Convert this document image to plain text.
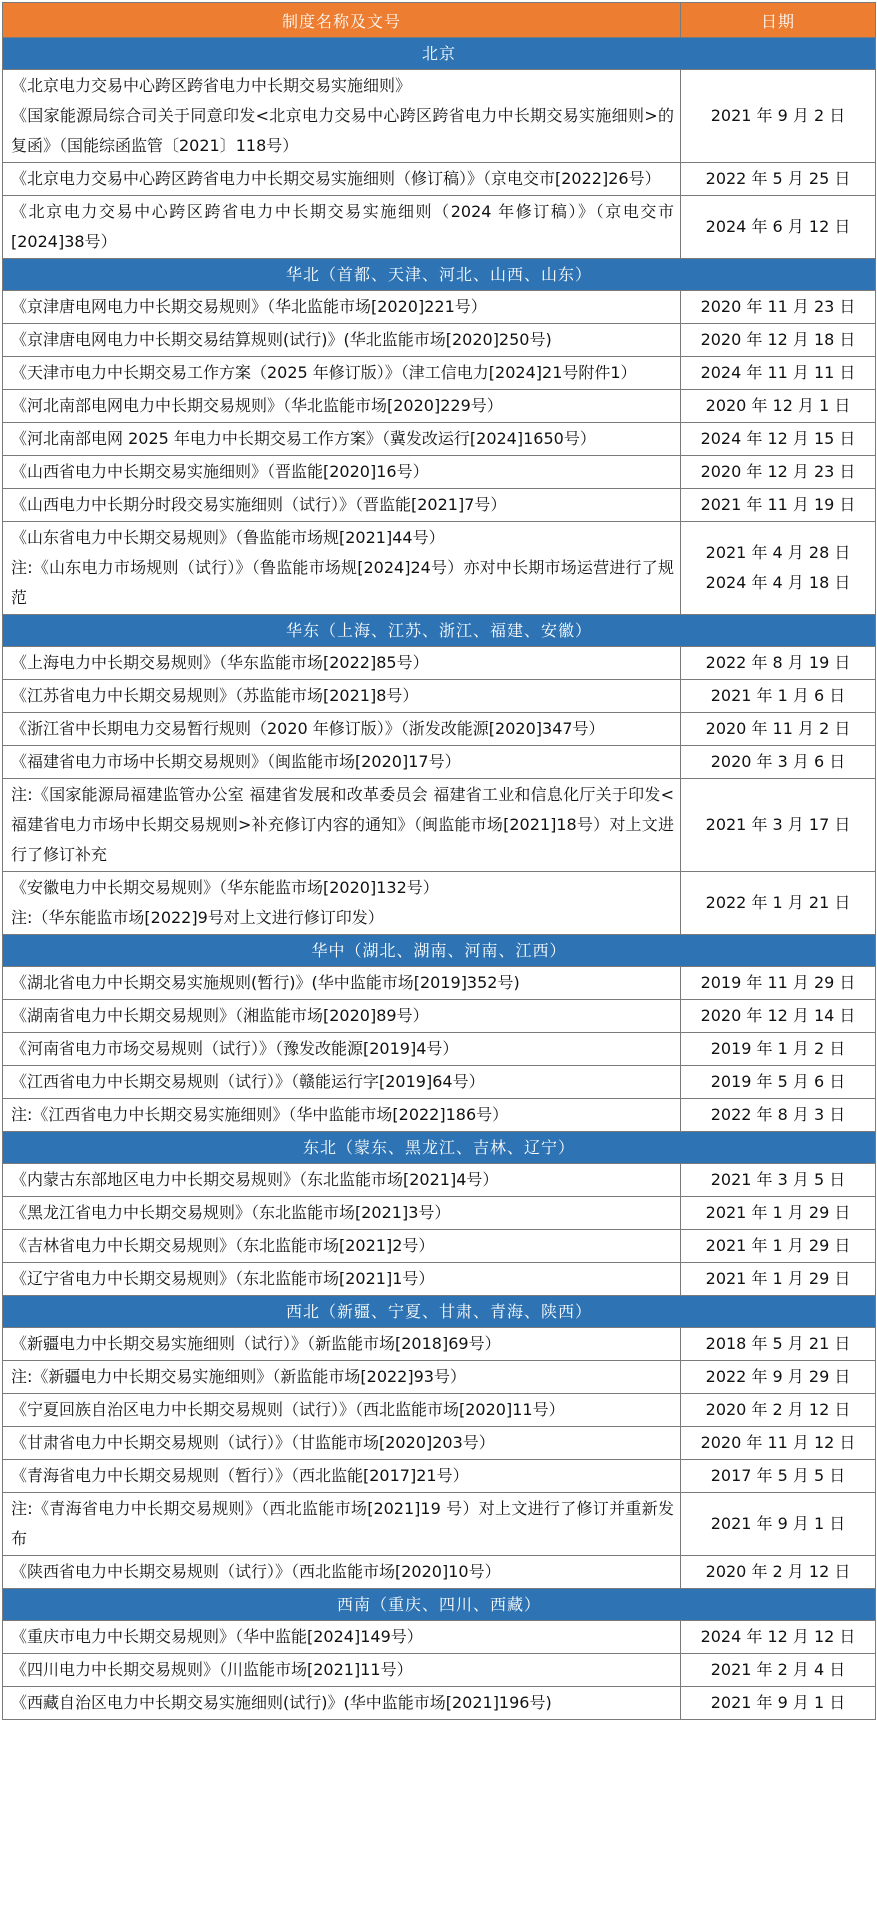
制度名称及文号	日期
北京	

《北京电力交易中心跨区跨省电力中长期交易实施细则》
《国家能源局综合司关于同意印发<北京电力交易中心跨区跨省电力中长期交易实施细则>的复函》（国能综函监管〔2021〕118号）	2021 年 9 月 2 日

《北京电力交易中心跨区跨省电力中长期交易实施细则（修订稿）》（京电交市[2022]26号）	2022 年 5 月 25 日

《北京电力交易中心跨区跨省电力中长期交易实施细则（2024 年修订稿）》（京电交市[2024]38号）	2024 年 6 月 12 日

华北（首都、天津、河北、山西、山东）	

《京津唐电网电力中长期交易规则》（华北监能市场[2020]221号）	2020 年 11 月 23 日

《京津唐电网电力中长期交易结算规则(试行)》(华北监能市场[2020]250号)	2020 年 12 月 18 日

《天津市电力中长期交易工作方案（2025 年修订版）》（津工信电力[2024]21号附件1）	2024 年 11 月 11 日

《河北南部电网电力中长期交易规则》（华北监能市场[2020]229号）	2020 年 12 月 1 日

《河北南部电网 2025 年电力中长期交易工作方案》（冀发改运行[2024]1650号）	2024 年 12 月 15 日

《山西省电力中长期交易实施细则》（晋监能[2020]16号）	2020 年 12 月 23 日

《山西电力中长期分时段交易实施细则（试行）》（晋监能[2021]7号）	2021 年 11 月 19 日

《山东省电力中长期交易规则》（鲁监能市场规[2021]44号）
注:《山东电力市场规则（试行）》（鲁监能市场规[2024]24号）亦对中长期市场运营进行了规范	2021 年 4 月 28 日
2024 年 4 月 18 日

华东（上海、江苏、浙江、福建、安徽）	

《上海电力中长期交易规则》（华东监能市场[2022]85号）	2022 年 8 月 19 日

《江苏省电力中长期交易规则》（苏监能市场[2021]8号）	2021 年 1 月 6 日

《浙江省中长期电力交易暂行规则（2020 年修订版）》（浙发改能源[2020]347号）	2020 年 11 月 2 日

《福建省电力市场中长期交易规则》（闽监能市场[2020]17号）	2020 年 3 月 6 日

注:《国家能源局福建监管办公室 福建省发展和改革委员会 福建省工业和信息化厅关于印发<福建省电力市场中长期交易规则>补充修订内容的通知》（闽监能市场[2021]18号）对上文进行了修订补充	2021 年 3 月 17 日

《安徽电力中长期交易规则》（华东能监市场[2020]132号）
注:（华东能监市场[2022]9号对上文进行修订印发）	2022 年 1 月 21 日

华中（湖北、湖南、河南、江西）	

《湖北省电力中长期交易实施规则(暂行)》(华中监能市场[2019]352号)	2019 年 11 月 29 日

《湖南省电力中长期交易规则》（湘监能市场[2020]89号）	2020 年 12 月 14 日

《河南省电力市场交易规则（试行）》（豫发改能源[2019]4号）	2019 年 1 月 2 日

《江西省电力中长期交易规则（试行）》（赣能运行字[2019]64号）	2019 年 5 月 6 日

注:《江西省电力中长期交易实施细则》（华中监能市场[2022]186号）	2022 年 8 月 3 日

东北（蒙东、黑龙江、吉林、辽宁）	

《内蒙古东部地区电力中长期交易规则》（东北监能市场[2021]4号）	2021 年 3 月 5 日

《黑龙江省电力中长期交易规则》（东北监能市场[2021]3号）	2021 年 1 月 29 日

《吉林省电力中长期交易规则》（东北监能市场[2021]2号）	2021 年 1 月 29 日

《辽宁省电力中长期交易规则》（东北监能市场[2021]1号）	2021 年 1 月 29 日

西北（新疆、宁夏、甘肃、青海、陕西）	

《新疆电力中长期交易实施细则（试行）》（新监能市场[2018]69号）	2018 年 5 月 21 日

注:《新疆电力中长期交易实施细则》（新监能市场[2022]93号）	2022 年 9 月 29 日

《宁夏回族自治区电力中长期交易规则（试行）》（西北监能市场[2020]11号）	2020 年 2 月 12 日

《甘肃省电力中长期交易规则（试行）》（甘监能市场[2020]203号）	2020 年 11 月 12 日

《青海省电力中长期交易规则（暂行）》（西北监能[2017]21号）	2017 年 5 月 5 日

注:《青海省电力中长期交易规则》（西北监能市场[2021]19 号）对上文进行了修订并重新发布	2021 年 9 月 1 日

《陕西省电力中长期交易规则（试行）》（西北监能市场[2020]10号）	2020 年 2 月 12 日

西南（重庆、四川、西藏）	

《重庆市电力中长期交易规则》（华中监能[2024]149号）	2024 年 12 月 12 日

《四川电力中长期交易规则》（川监能市场[2021]11号）	2021 年 2 月 4 日

《西藏自治区电力中长期交易实施细则(试行)》(华中监能市场[2021]196号)	2021 年 9 月 1 日
